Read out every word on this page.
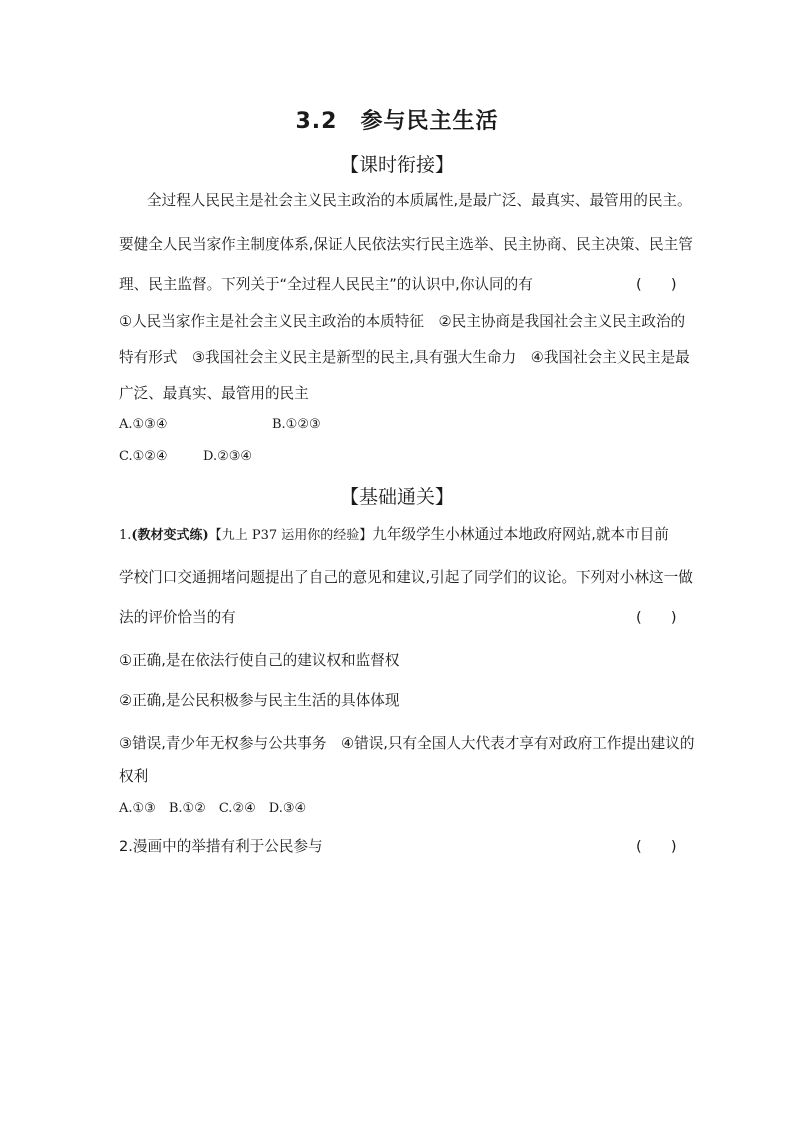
3.2　参与民主生活
【课时衔接】
全过程人民民主是社会主义民主政治的本质属性,是最广泛、最真实、最管用的民主。
要健全人民当家作主制度体系,保证人民依法实行民主选举、民主协商、民主决策、民主管
理、民主监督。下列关于“全过程人民民主”的认识中,你认同的有	(　　)
①人民当家作主是社会主义民主政治的本质特征　②民主协商是我国社会主义民主政治的
特有形式　③我国社会主义民主是新型的民主,具有强大生命力　④我国社会主义民主是最
广泛、最真实、最管用的民主
A.①③④	B.①②③
C.①②④	D.②③④
【基础通关】
1.(教材变式练)【九上 P37 运用你的经验】九年级学生小林通过本地政府网站,就本市目前
学校门口交通拥堵问题提出了自己的意见和建议,引起了同学们的议论。下列对小林这一做
法的评价恰当的有	(　　)
①正确,是在依法行使自己的建议权和监督权
②正确,是公民积极参与民主生活的具体体现
③错误,青少年无权参与公共事务　④错误,只有全国人大代表才享有对政府工作提出建议的
权利
A.①③　B.①②　C.②④　D.③④
2.漫画中的举措有利于公民参与	(　　)
